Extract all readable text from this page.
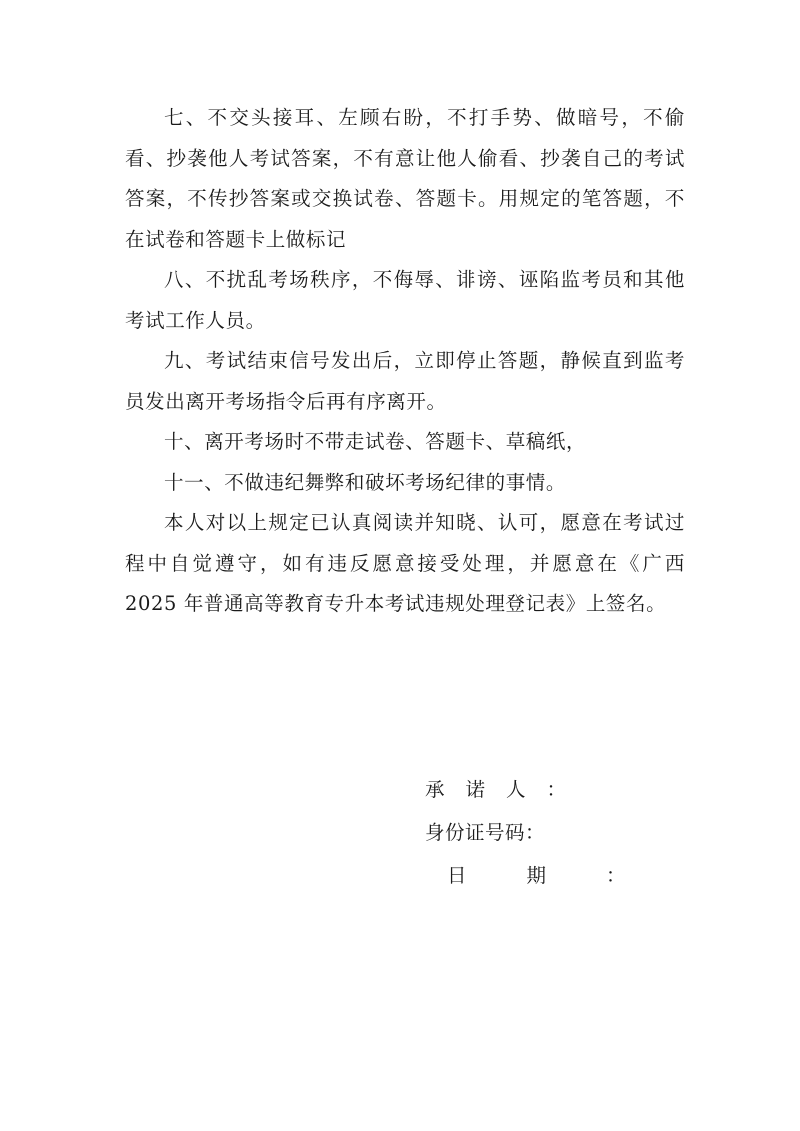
七、不交头接耳、左顾右盼，不打手势、做暗号，不偷看、抄袭他人考试答案，不有意让他人偷看、抄袭自己的考试答案，不传抄答案或交换试卷、答题卡。用规定的笔答题，不在试卷和答题卡上做标记

八、不扰乱考场秩序，不侮辱、诽谤、诬陷监考员和其他考试工作人员。

九、考试结束信号发出后，立即停止答题，静候直到监考员发出离开考场指令后再有序离开。

十、离开考场时不带走试卷、答题卡、草稿纸，

十一、不做违纪舞弊和破坏考场纪律的事情。

本人对以上规定已认真阅读并知晓、认可，愿意在考试过程中自觉遵守，如有违反愿意接受处理，并愿意在《广西 2025 年普通高等教育专升本考试违规处理登记表》上签名。

承诺人：
身份证号码：
日期：
